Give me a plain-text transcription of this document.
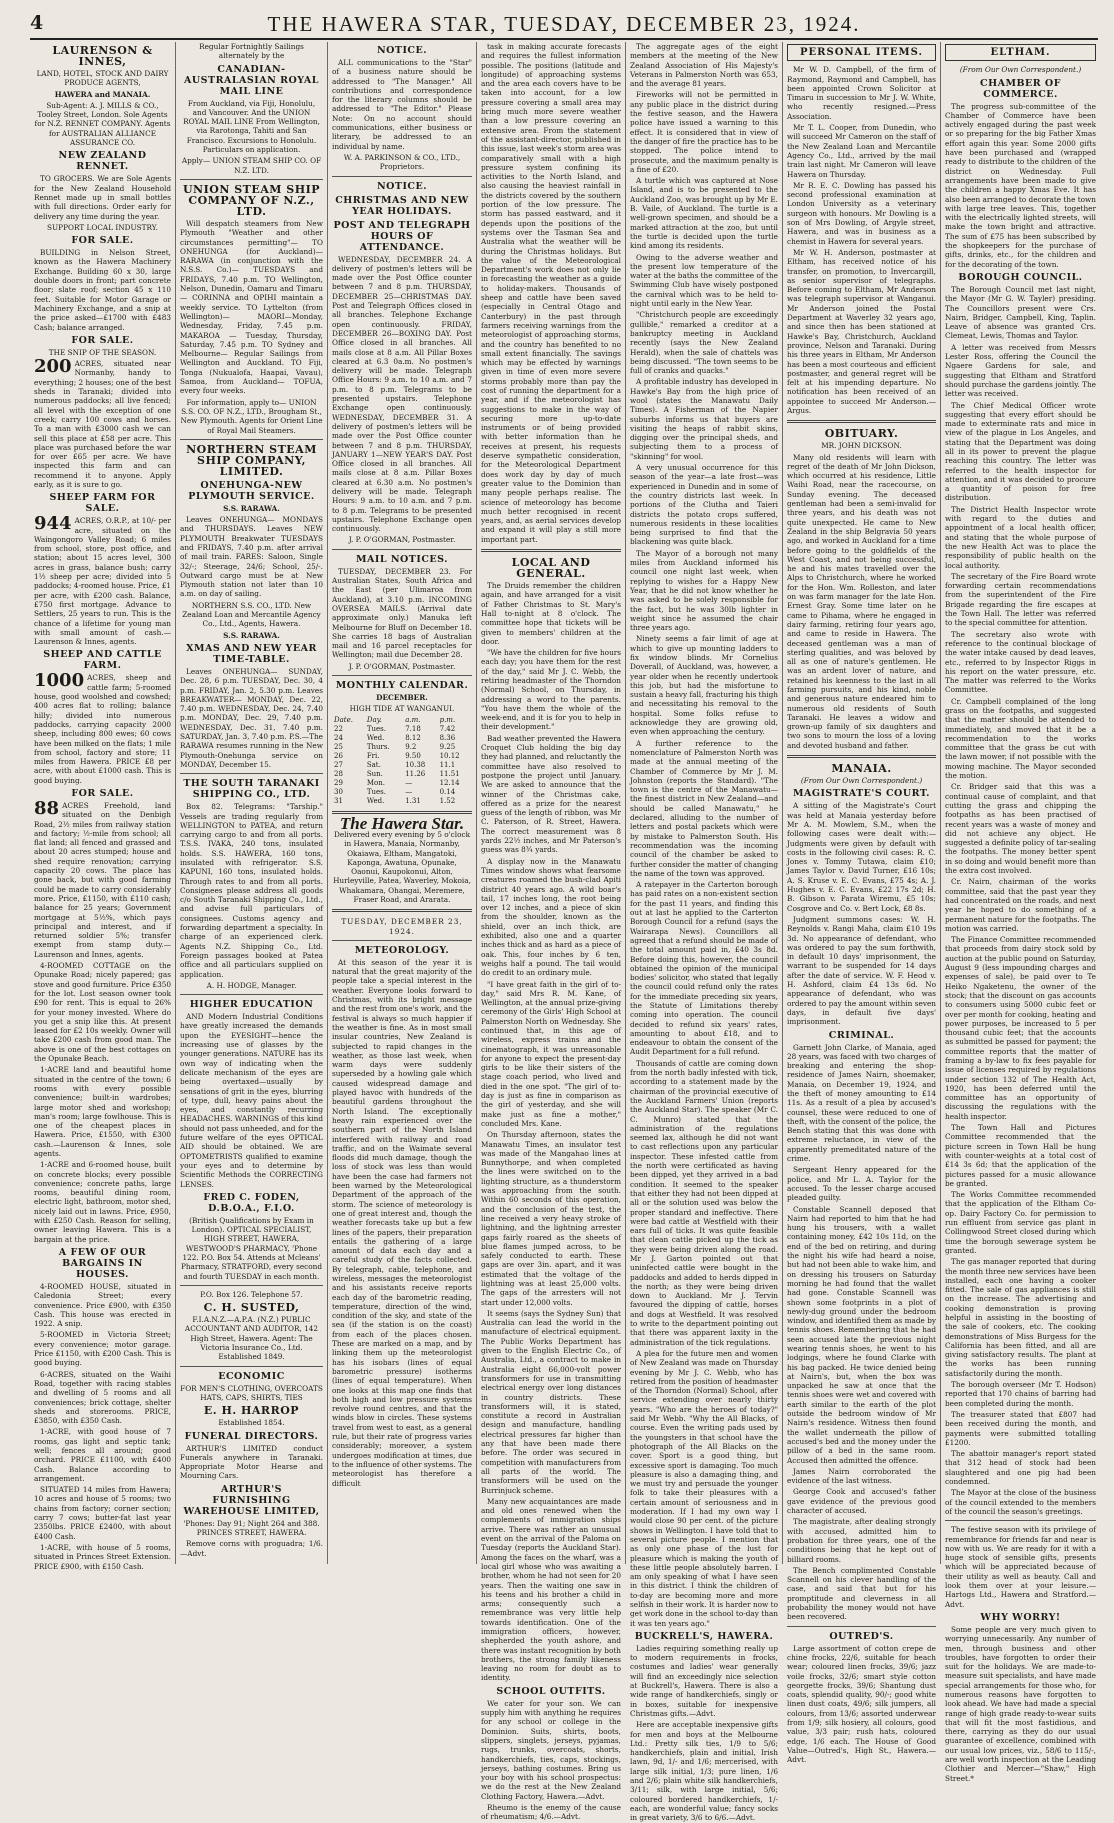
4	THE HAWERA STAR, TUESDAY, DECEMBER 23, 1924.
LAURENSON & INNES,

LAND, HOTEL, STOCK AND DAIRY PRODUCE AGENTS,

HAWERA and MANAIA.

Sub-Agent: A. J. MILLS & CO., Tooley Street, London. Sole Agents for N.Z. RENNET COMPANY. Agents for AUSTRALIAN ALLIANCE ASSURANCE CO.

NEW ZEALAND RENNET.

TO GROCERS. We are Sole Agents for the New Zealand Household Rennet made up in small bottles with full directions. Order early for delivery any time during the year.

SUPPORT LOCAL INDUSTRY.

FOR SALE.

BUILDING in Nelson Street, known as the Hawera Machinery Exchange. Building 60 x 30, large double doors in front; part concrete floor; slate roof; section 45 x 110 feet. Suitable for Motor Garage or Machinery Exchange, and a snip at the price asked—£1700 with £483 Cash; balance arranged.

FOR SALE.

THE SNIP OF THE SEASON.

200 ACRES, situated near Normanby, handy to everything; 2 houses; one of the best sheds in Taranaki; divided into numerous paddocks; all live fenced; all level with the exception of one creek; carry 100 cows and horses. To a man with £3000 cash we can sell this place at £58 per acre. This place was purchased before the war for over £65 per acre. We have inspected this farm and can recommend it to anyone. Apply early, as it is sure to go.

SHEEP FARM FOR SALE.

944 ACRES, O.R.P., at 10/- per acre, situated on the Waingongoro Valley Road; 6 miles from school, store, post office, and station; about 15 acres level, 300 acres in grass, balance bush; carry 1½ sheep per acre; divided into 5 paddocks; 4-roomed house. Price, £1 per acre, with £200 cash. Balance, £750 first mortgage. Advance to Settlers, 25 years to run. This is the chance of a lifetime for young man with small amount of cash.—Laurenson & Innes, agents.

SHEEP AND CATTLE FARM.

1000 ACRES, sheep and cattle farm; 5-roomed house, good woolshed and cowshed; 400 acres flat to rolling; balance hilly; divided into numerous paddocks, carrying capacity 2000 sheep, including 800 ewes; 60 cows have been milked on the flats; 1 mile from school, factory and store; 11 miles from Hawera. PRICE £8 per acre, with about £1000 cash. This is good buying.

FOR SALE.

88 ACRES Freehold, land situated on the Denbigh Road, 2½ miles from railway station and factory; ½-mile from school; all flat land; all fenced and grassed and about 20 acres stumped; house and shed require renovation; carrying capacity 20 cows. The place has gone back, but with good farming could be made to carry considerably more. Price, £1150, with £110 cash; balance for 25 years; Government mortgage at 5½%, which pays principal and interest, and if returned soldier 5%; transfer exempt from stamp duty.—Laurenson and Innes, agents.

4-ROOMED COTTAGE on the Opunake Road; nicely papered; gas stove and good furniture. Price £350 for the lot. Lost season owner took £90 for rent. This is equal to 26% for your money invested. Where do you get a snip like this. At present leased for £2 10s weekly. Owner will take £200 cash from good man. The above is one of the best cottages on the Opunake Beach.

1-ACRE land and beautiful home situated in the centre of the town; 6 rooms with every possible convenience; built-in wardrobes; large motor shed and workshop; man's room; large fowlhouse. This is one of the cheapest places in Hawera. Price, £1550, with £300 cash.—Laurenson & Innes, sole agents.

1-ACRE and 6-roomed house, built on concrete blocks; every possible convenience; concrete paths, large rooms, beautiful dining room, electric light, bathroom, motor shed, nicely laid out in lawns. Price, £950, with £250 Cash. Reason for selling, owner leaving Hawera. This is a bargain at the price.

A FEW OF OUR BARGAINS IN HOUSES.

4-ROOMED HOUSE, situated in Caledonia Street; every convenience. Price £900, with £350 Cash. This house was erected in 1922. A snip.

5-ROOMED in Victoria Street; every convenience; motor garage. Price £1150, with £200 Cash. This is good buying.

6-ACRES, situated on the Waihi Road, together with racing stables and dwelling of 5 rooms and all conveniences; brick cottage, shelter sheds and storerooms. PRICE, £3850, with £350 Cash.

1-ACRE, with good house of 7 rooms, gas light and septic tank; well; fences all around; good orchard. PRICE £1100, with £400 Cash. Balance according to arrangement.

SITUATED 14 miles from Hawera; 10 acres and house of 5 rooms; two chains from factory; corner section; carry 7 cows; butter-fat last year 2350lbs. PRICE £2400, with about £400 Cash.

1-ACRE, with house of 5 rooms, situated in Princes Street Extension. PRICE £900, with £150 Cash.

Regular Fortnightly Sailings alternately by the

CANADIAN-AUSTRALASIAN ROYAL MAIL LINE

From Auckland, via Fiji, Honolulu, and Vancouver. And the UNION ROYAL MAIL LINE From Wellington, via Rarotonga, Tahiti and San Francisco. Excursions to Honolulu. Particulars on application.

Apply— UNION STEAM SHIP CO. OF N.Z. LTD.

UNION STEAM SHIP COMPANY OF N.Z., LTD.

Will despatch steamers from New Plymouth "Weather and other circumstances permitting"— TO ONEHUNGA (for Auckland)— RARAWA (in conjunction with the N.S.S. Co.)— TUESDAYS and FRIDAYS, 7.40 p.m. TO Wellington, Nelson, Dunedin, Oamaru and Timaru— CORINNA and OPIHI maintain a weekly service. TO Lyttelton (from Wellington)— MAORI—Monday, Wednesday, Friday, 7.45 p.m. MAKAROA — Tuesday, Thursday, Saturday, 7.45 p.m. TO Sydney and Melbourne— Regular Sailings from Wellington and Auckland. TO Fiji, Tonga (Nukualofa, Haapai, Vavau), Samoa, from Auckland— TOFUA, every four weeks.

For information, apply to— UNION S.S. CO. OF N.Z., LTD., Brougham St., New Plymouth. Agents for Orient Line of Royal Mail Steamers.

NORTHERN STEAM SHIP COMPANY, LIMITED.
ONEHUNGA-NEW PLYMOUTH SERVICE.

S.S. RARAWA.

Leaves ONEHUNGA— MONDAYS and THURSDAYS. Leaves NEW PLYMOUTH Breakwater TUESDAYS and FRIDAYS, 7.40 p.m. after arrival of mail train. FARES: Saloon, Single 32/-; Steerage, 24/6; School, 25/-. Outward cargo must be at New Plymouth station not later than 10 a.m. on day of sailing.

NORTHERN S.S. CO., LTD. New Zealand Loan and Mercantile Agency Co., Ltd., Agents, Hawera.

S.S. RARAWA.

XMAS AND NEW YEAR TIME-TABLE.

Leaves ONEHUNGA— SUNDAY, Dec. 28, 6 p.m. TUESDAY, Dec. 30, 4 p.m. FRIDAY, Jan. 2, 5.30 p.m. Leaves BREAKWATER— MONDAY, Dec. 22, 7.40 p.m. WEDNESDAY, Dec. 24, 7.40 p.m. MONDAY, Dec. 29, 7.40 p.m. WEDNESDAY, Dec. 31, 7.40 p.m. SATURDAY, Jan. 3, 7.40 p.m. P.S.—The RARAWA resumes running in the New Plymouth-Onehunga service on MONDAY, December 15.

THE SOUTH TARANAKI SHIPPING CO., LTD.

Box 82. Telegrams: "Tarship." Vessels are trading regularly from WELLINGTON to PATEA, and return carrying cargo to and from all ports. T.S.S. IVAKA, 240 tons, insulated holds. S.S. HAWERA, 160 tons, insulated with refrigerator. S.S. KAPUNI, 160 tons, insulated holds. Through rates to and from all ports. Consignees please address all goods c/o South Taranaki Shipping Co., Ltd., and advise full particulars of consignees. Customs agency and forwarding department a specialty. In charge of an experienced clerk. Agents N.Z. Shipping Co., Ltd. Foreign passages booked at Patea office and all particulars supplied on application.

A. H. HODGE, Manager.

HIGHER EDUCATION

AND Modern Industrial Conditions have greatly increased the demands upon the EYESIGHT—hence the increasing use of glasses by the younger generations. NATURE has its own way of indicating when the delicate mechanism of the eyes are being overtaxed—usually by sensations of grit in the eyes, blurring of type, dull, heavy pains about the eyes, and constantly recurring HEADACHES. WARNINGS of this kind should not pass unheeded, and for the future welfare of the eyes OPTICAL AID should be obtained. We are OPTOMETRISTS qualified to examine your eyes and to determine by Scientific Methods the CORRECTING LENSES.

FRED C. FODEN, D.B.O.A., F.I.O.

(British Qualifications by Exam in London). OPTICAL SPECIALIST, HIGH STREET, HAWERA, WESTWOOD'S PHARMACY, 'Phone 122. P.O. Box 54. Attends at Mcleans' Pharmacy, STRATFORD, every second and fourth TUESDAY in each month.

P.O. Box 126. Telephone 57.

C. H. SUSTED,

F.I.A.N.Z.—A.P.A. (N.Z.) PUBLIC ACCOUNTANT AND AUDITOR, 142 High Street, Hawera. Agent: The Victoria Insurance Co., Ltd. Established 1849.

ECONOMIC

FOR MEN'S CLOTHING, OVERCOATS HATS, CAPS, SHIRTS, TIES

E. H. HARROP

Established 1854.

FUNERAL DIRECTORS.

ARTHUR'S LIMITED conduct Funerals anywhere in Taranaki. Appropriate Motor Hearse and Mourning Cars.

ARTHUR'S FURNISHING WAREHOUSE LIMITED,

'Phones: Day 91; Night 264 and 388. PRINCES STREET, HAWERA.

Remove corns with proguadra; 1/6.—Advt.

NOTICE.

ALL communications to the "Star" of a business nature should be addressed to "The Manager." All contributions and correspondence for the literary columns should be addressed to "The Editor." Please Note: On no account should communications, either business or literary, be addressed to an individual by name.

W. A. PARKINSON & CO., LTD., Proprietors.

NOTICE.
CHRISTMAS AND NEW YEAR HOLIDAYS.
POST AND TELEGRAPH HOURS OF ATTENDANCE.

WEDNESDAY, DECEMBER 24. A delivery of postmen's letters will be made over the Post Office counter between 7 and 8 p.m. THURSDAY, DECEMBER 25—CHRISTMAS DAY. Post and Telegraph Offices closed in all branches. Telephone Exchange open continuously. FRIDAY, DECEMBER 26—BOXING DAY. Post Office closed in all branches. All mails close at 8 a.m. All Pillar Boxes cleared at 6.3 0a.m. No postmen's delivery will be made. Telegraph Office Hours: 9 a.m. to 10 a.m. and 7 p.m. to 8 p.m. Telegrams to be presented upstairs. Telephone Exchange open continuously. WEDNESDAY, DECEMBER 31. A delivery of postmen's letters will be made over the Post Office counter between 7 and 8 p.m. THURSDAY, JANUARY 1—NEW YEAR'S DAY. Post Office closed in all branches. All mails close at 8 a.m. Pillar Boxes cleared at 6.30 a.m. No postmen's delivery will be made. Telegraph Hours: 9 a.m. to 10 a.m. and 7 p.m. to 8 p.m. Telegrams to be presented upstairs. Telephone Exchange open continuously.

J. P. O'GORMAN, Postmaster.

MAIL NOTICES.

TUESDAY, DECEMBER 23. For Australian States, South Africa and the East (per Ulimaroa from Auckland), at 3.10 p.m. INCOMING OVERSEA MAILS. (Arrival date approximate only.) Manuka left Melbourne for Bluff on December 18. She carries 18 bags of Australian mail and 16 parcel receptacles for Wellington; mail due December 28.

J. P. O'GORMAN, Postmaster.

MONTHLY CALENDAR.

DECEMBER.

HIGH TIDE AT WANGANUI.

Date.	Day.	a.m.	p.m.
22	Tues.	7.18	7.42
24	Wed.	8.12	8.36
25	Thurs.	9.2	9.25
26	Fri.	9.50	10.12
27	Sat.	10.38	11.1
28	Sun.	11.26	11.51
29	Mon.	—	12.14
30	Tues.	—	0.14
31	Wed.	1.31	1.52
The Hawera Star.

Delivered every evening by 5 o'clock in Hawera, Manaia, Normanby, Okaiawa, Eltham, Mangatoki, Kaponga, Awatuna, Opunake, Oaonui, Kaupokonui, Alton, Hurleyville, Patea, Waverley, Mokoia, Whakamara, Ohangai, Meremere, Fraser Road, and Ararata.

TUESDAY, DECEMBER 23, 1924.
METEOROLOGY.

At this season of the year it is natural that the great majority of the people take a special interest in the weather. Everyone looks forward to Christmas, with its bright message and the rest from one's work, and the festival is always so much happier if the weather is fine. As in most small insular countries, New Zealand is subjected to rapid changes in the weather, as those last week, when warm days were suddenly superseded by a howling gale which caused widespread damage and played havoc with hundreds of the beautiful gardens throughout the North Island. The exceptionally heavy rain experienced over the southern part of the North Island interfered with railway and road traffic, and on the Waimate several floods did much damage, though the loss of stock was less than would have been the case had farmers not been warned by the Meteorological Department of the approach of the storm. The science of meteorology is one of great interest and, though the weather forecasts take up but a few lines of the papers, their preparation entails the gathering of a large amount of data each day and a careful study of the facts collected. By telegraph, cable, telephone, and wireless, messages the meteorologist and his assistants receive reports each day of the barometric reading, temperature, direction of the wind, condition of the sky, and state of the sea (if the station is on the coast) from each of the places chosen. These are marked on a map, and by linking them up the meteorologist has his isobars (lines of equal barometric pressure) isotherms (lines of equal temperature). When one looks at this map one finds that both high and low pressure systems revolve round centres, and that the winds blow in circles. These systems travel from west to east, as a general rule, but their rate of progress varies considerably; moreover, a system undergoes modification at times, due to the influence of other systems. The meteorologist has therefore a difficult

task in making accurate forecasts and requires the fullest information possible. The positions (latitude and longitude) of approaching systems and the area each covers have to be taken into account, for a low pressure covering a small area may bring much more severe weather than a low pressure covering an extensive area. From the statement of the assistant-director, published in this issue, last week's storm area was comparatively small with a high pressure system confining its activities to the North Island, and also causing the heaviest rainfall in the districts covered by the southern portion of the low pressure. The storm has passed eastward, and it depends upon the positions of the systems over the Tasman Sea and Australia what the weather will be during the Christmas holidays. But the value of the Meteorological Department's work does not only lie in forecasting the weather as a guide to holiday-makers. Thousands of sheep and cattle have been saved (especially in Central Otago and Canterbury) in the past through farmers receiving warnings from the meteorologist of approaching storms, and the country has benefited to no small extent financially. The savings which may be effected by warnings given in time of even more severe storms probably more than pay the cost of running the department for a year, and if the meteorologist has suggestions to make in the way of securing more up-to-date instruments or of being provided with better information than he receives at present, his requests deserve sympathetic consideration, for the Meteorological Department does work day by day of much greater value to the Dominion than many people perhaps realise. The science of meteorology has become much better recognised in recent years, and, as aerial services develop and expand it will play a still more important part.

LOCAL AND GENERAL.

The Druids remember the children again, and have arranged for a visit of Father Christmas to St. Mary's Hall to-night at 8 o'clock. The committee hope that tickets will be given to members' children at the door.

"We have the children for five hours each day; you have them for the rest of the day," said Mr J. C. Webb, the retiring headmaster of the Thorndon (Normal) School, on Thursday, in addressing a word to the parents. "You have them the whole of the week-end, and it is for you to help in their development."

Bad weather prevented the Hawera Croquet Club holding the big day they had planned, and reluctantly the committee have also resolved to postpone the project until January. We are asked to announce that the winner of the Christmas cake, offered as a prize for the nearest guess of the length of ribbon, was Mr C. Paterson, of R. Street, Hawera. The correct measurement was 8 yards 22½ inches, and Mr Paterson's guess was 8¾ yards.

A display now in the Manawatu Times window shows what fearsome creatures roamed the bush-clad Apiti district 40 years ago. A wild boar's tail, 17 inches long, the root being over 12 inches, and a piece of skin from the shoulder, known as the shield, over an inch thick, are exhibited, also one and a quarter inches thick and as hard as a piece of oak. This, four inches by 6 ten, weighs half a pound. The tail would do credit to an ordinary mule.

"I have great faith in the girl of to-day," said Mrs R. M. Kane, of Wellington, at the annual prize-giving ceremony of the Girls' High School at Palmerston North on Wednesday. She continued that, in this age of wireless, express trains and the cinematograph, it was unreasonable for anyone to expect the present-day girls to be like their sisters of the stage coach period, who lived and died in the one spot. "The girl of to-day is just as fine in comparison as the girl of yesterday, and she will make just as fine a mother," concluded Mrs. Kane.

On Thursday afternoon, states the Manawatu Times, an insulator test was made of the Mangahao lines at Bunnythorpe, and when completed the lines were switched on to the lighting structure, as a thunderstorm was approaching from the south. Within 60 seconds of this operation, and the conclusion of the test, the line received a very heavy stroke of lightning, and the lightning arrester gaps fairly roared as the sheets of blue flames jumped across, to be safely conducted to earth. These gaps are over 3in. apart, and it was estimated that the voltage of the lightning was at least 25,000 volts. The gaps of the arresters will not start under 12,000 volts.

It seems (says the Sydney Sun) that Australia can lead the world in the manufacture of electrical equipment. The Public Works Department has given to the English Electric Co., of Australia, Ltd., a contract to make in Australia eight 66,000-volt power transformers for use in transmitting electrical energy over long distances in country districts. These transformers will, it is stated, constitute a record in Australian design and manufacture, handling electrical pressures far higher than any that have been made there before. The order was secured in competition with manufacturers from all parts of the world. The transformers will be used on the Burrinjuck scheme.

Many new acquaintances are made and old ones renewed when the complements of immigration ships arrive. There was rather an unusual event on the arrival of the Paloma on Tuesday (reports the Auckland Star). Among the faces on the wharf, was a local girl whose who was awaiting a brother, whom he had not seen for 20 years. Then the waiting one saw in his teens and his brother a child in arms; consequently such a remembrance was very little help towards identification. One of the immigration officers, however, shepherded the youth ashore, and there was instant recognition by both brothers, the strong family likeness leaving no room for doubt as to identity.

SCHOOL OUTFITS.

We cater for your son. We can supply him with anything he requires for any school or college in the Dominion. Suits, shirts, boots, slippers, singlets, jerseys, pyjamas, rugs, trunks, overcoats, shorts, handkerchiefs, ties, caps, stockings, jerseys, bathing costumes. Bring us your boy with his school prospectus: we do the rest at the New Zealand Clothing Factory, Hawera.—Advt.

Rheumo is the enemy of the cause of rheumatism; 4/6.—Advt.

The aggregate ages of the eight members at the meeting of the New Zealand Association of His Majesty's Veterans in Palmerston North was 653, and the average 81 years.

Fireworks will not be permitted in any public place in the district during the festive season, and the Hawera police have issued a warning to this effect. It is considered that in view of the danger of fire the practice has to be stopped. The police intend to prosecute, and the maximum penalty is a fine of £20.

A turtle which was captured at Nose Island, and is to be presented to the Auckland Zoo, was brought up by Mr E. B. Vaile, of Auckland. The turtle is a well-grown specimen, and should be a marked attraction at the zoo, but until the turtle is decided upon the turtle kind among its residents.

Owing to the adverse weather and the present low temperature of the water at the baths the committee of the Swimming Club have wisely postponed the carnival which was to be held to-night until early in the New Year.

"Christchurch people are exceedingly gullible," remarked a creditor at a bankruptcy meeting in Auckland recently (says the New Zealand Herald), when the sale of chattels was being discussed. "The town seems to be full of cranks and quacks."

A profitable industry has developed in Hawke's Bay from the high price of wool (states the Manawatu Daily Times). A Fisherman of the Napier suburbs informs us that buyers are visiting the heaps of rabbit skins, digging over the principal sheds, and subjecting them to a process of "skinning" for wool.

A very unusual occurrence for this season of the year—a late frost—was experienced in Dunedin and in some of the country districts last week. In portions of the Clutha and Taieri districts the potato crops suffered, numerous residents in these localities being surprised to find that the blackening was quite black.

The Mayor of a borough not many miles from Auckland informed his council one night last week, when replying to wishes for a Happy New Year, that he did not know whether he was asked to be solely responsible for the fact, but he was 30lb lighter in weight since he assumed the chair three years ago.

Ninety seems a fair limit of age at which to give up mounting ladders to fix window blinds. Mr Cornelius Doverall, of Auckland, was, however, a year older when he recently undertook this job, but had the misfortune to sustain a heavy fall, fracturing his thigh and necessitating his removal to the hospital. Some folks refuse to acknowledge they are growing old, even when approaching the century.

A further reference to the nomenclature of Palmerston North was made at the annual meeting of the Chamber of Commerce by Mr J. M. Johnston (reports the Standard). "The town is the centre of the Manawatu—the finest district in New Zealand—and should be called Manawatu," he declared, alluding to the number of letters and postal packets which were by mistake to Palmerston South. His recommendation was the incoming council of the chamber be asked to further consider the matter of changing the name of the town was approved.

A ratepayer in the Carterton borough has paid rates on a non-existent section for the past 11 years, and finding this out at last he applied to the Carterton Borough Council for a refund (says the Wairarapa News). Councillors all agreed that a refund should be made of the total amount paid in, £40 3s 8d. Before doing this, however, the council obtained the opinion of the municipal bodies' solicitor, who stated that legally the council could refund only the rates for the immediate preceding six years, the Statute of Limitations thereby coming into operation. The council decided to refund six years' rates, amounting to about £18, and to endeavour to obtain the consent of the Audit Department for a full refund.

Thousands of cattle are coming down from the north badly infested with tick, according to a statement made by the chairman of the provincial executive of the Auckland Farmers' Union (reports the Auckland Star). The speaker (Mr C. C. Munro) stated that the administration of the regulations seemed lax, although he did not want to cast reflections upon any particular inspector. These infested cattle from the north were certificated as having been dipped, yet they arrived in a bad condition. It seemed to the speaker that either they had not been dipped at all or the solution used was below the proper standard and ineffective. There were bad cattle at Westfield with their ears full of ticks. It was quite feasible that clean cattle picked up the tick as they were being driven along the road. Mr J. Garton pointed out that uninfected cattle were bought in the paddocks and added to herds dipped in the north; as they were being driven down to Auckland. Mr J. Tervin favoured the dipping of cattle, horses and dogs at Westfield. It was resolved to write to the department pointing out that there was apparent laxity in the administration of the tick regulations.

A plea for the future men and women of New Zealand was made on Thursday evening by Mr J. C. Webb, who has retired from the position of headmaster of the Thorndon (Normal) School, after service extending over nearly thirty years. "Who are the heroes of today?" said Mr Webb. "Why the All Blacks, of course. Even the writing pads used by the youngsters in that school have the photograph of the All Blacks on the cover. Sport is a good thing, but excessive sport is damaging. Too much pleasure is also a damaging thing, and we must try and persuade the younger folk to take their pleasures with a certain amount of seriousness and in moderation. If I had my own way I would close 90 per cent. of the picture shows in Wellington. I have told that to several picture people. I mention that as only one phase of the lust for pleasure which is making the youth of these little people absolutely barren. I am only speaking of what I have seen in this district. I think the children of to-day are becoming more and more selfish in their work. It is harder now to get work done in the school to-day than it was ten years ago."

BUCKRELL'S, HAWERA.

Ladies requiring something really up to modern requirements in frocks, costumes and ladies' wear generally will find an exceedingly nice selection at Buckrell's, Hawera. There is also a wide range of handkerchiefs, singly or in boxes, suitable for inexpensive Christmas gifts.—Advt.

Here are acceptable inexpensive gifts for men and boys at the Melbourne Ltd.: Pretty silk ties, 1/9 to 5/6; handkerchiefs, plain and initial, Irish lawn, 9d, 1/- and 1/6; mercerised, with large silk initial, 1/3; pure linen, 1/6 and 2/6; plain white silk handkerchiefs, 3/11; silk, with large initial, 5/6; coloured bordered handkerchiefs, 1/- each, are wonderful value; fancy socks in great variety, 3/6 to 6/6.—Advt.

PERSONAL ITEMS.

Mr W. D. Campbell, of the firm of Raymond, Raymond and Campbell, has been appointed Crown Solicitor at Timaru in succession to Mr J. W. White, who recently resigned.—Press Association.

Mr T. L. Cooper, from Dunedin, who will succeed Mr Cameron on the staff of the New Zealand Loan and Mercantile Agency Co., Ltd., arrived by the mail train last night. Mr Cameron will leave Hawera on Thursday.

Mr R. E. C. Dowling has passed his second professional examination at London University as a veterinary surgeon with honours. Mr Dowling is a son of Mrs Dowling, of Argyle street, Hawera, and was in business as a chemist in Hawera for several years.

Mr W. H. Anderson, postmaster at Eltham, has received notice of his transfer, on promotion, to Invercargill, as senior supervisor of telegraphs. Before coming to Eltham, Mr Anderson was telegraph supervisor at Wanganui. Mr Anderson joined the Postal Department at Waverley 32 years ago, and since then has been stationed at Hawke's Bay, Christchurch, Auckland province, Nelson and Taranaki. During his three years in Eltham, Mr Anderson has been a most courteous and efficient postmaster, and general regret will be felt at his impending departure. No notification has been received of an appointee to succeed Mr Anderson.—Argus.

OBITUARY.

MR. JOHN DICKSON.

Many old residents will learn with regret of the death of Mr John Dickson, which occurred at his residence, Little Waihi Road, near the racecourse, on Sunday evening. The deceased gentleman had been a semi-invalid for three years, and his death was not quite unexpected. He came to New Zealand in the ship Belgravia 50 years ago, and worked in Auckland for a time before going to the goldfields of the West Coast, and not being successful, he and his mates travelled over the Alps to Christchurch, where he worked for the Hon. Wm. Rolleston, and later on was farm manager for the late Hon. Ernest Gray. Some time later on he came to Pihama, where he engaged in dairy farming, retiring four years ago, and came to reside in Hawera. The deceased gentleman was a man of sterling qualities, and was beloved by all as one of nature's gentlemen. He was an ardent lover of nature, and retained his keenness to the last in all farming pursuits, and his kind, noble and generous nature endeared him to numerous old residents of South Taranaki. He leaves a widow and grown-up family of six daughters and two sons to mourn the loss of a loving and devoted husband and father.

MANAIA.
(From Our Own Correspondent.)
MAGISTRATE'S COURT.

A sitting of the Magistrate's Court was held at Manaia yesterday before Mr A. M. Mowlem, S.M., when the following cases were dealt with:— Judgments were given by default with costs in the following civil cases: R. C. Jones v. Tommy Tutawa, claim £10; James Taylor v. David Turner, £16 10s; A. S. Kruse v. E. C. Evans, £75 4s; A. J. Hughes v. E. C. Evans, £22 17s 2d; H. B. Gibson v. Parata Wiremu, £5 10s; Cosgrove and Co. v. Bert Lock, £8 8s.

Judgment summons cases: W. H. Reynolds v. Rangi Maha, claim £10 19s 3d. No appearance of defendant, who was ordered to pay the sum forthwith, in default 10 days' imprisonment, the warrant to be suspended for 14 days after the date of service. W. F. Heod v. H. Ashford, claim £4 13s 6d. No appearance of defendant, who was ordered to pay the amount within seven days, in default five days' imprisonment.

CRIMINAL.

Garnett John Clarke, of Manaia, aged 28 years, was faced with two charges of breaking and entering the shop-residence of James Nairn, shoemaker, Manaia, on December 19, 1924, and the theft of money amounting to £14 11s. As a result of a plea by accused's counsel, these were reduced to one of theft, with the consent of the police, the Bench stating that this was done with extreme reluctance, in view of the apparently premeditated nature of the crime.

Sergeant Henry appeared for the police, and Mr L. A. Taylor for the accused. To the lesser charge accused pleaded guilty.

Constable Scannell deposed that Nairn had reported to him that he had hung his trousers, with a wallet containing money, £42 10s 11d, on the end of the bed on retiring, and during the night his wife had heard a noise, but had not been able to wake him, and on dressing his trousers on Saturday morning he had found that the wallet had gone. Constable Scannell was shown some footprints in a plot of newly-dug ground under the bedroom window, and identified them as made by tennis shoes. Remembering that he had seen accused late the previous night wearing tennis shoes, he went to his lodgings, where he found Clarke with his bag packed. He twice denied being at Nairn's, but, when the box was unpacked he saw at once that the tennis shoes were wet and covered with earth similar to the earth of the plot outside the bedroom window of Mr Nairn's residence. Witness then found the wallet underneath the pillow of accused's bed and the money under the pillow of a bed in the same room. Accused then admitted the offence.

James Nairn corroborated the evidence of the last witness.

George Cook and accused's father gave evidence of the previous good character of accused.

The magistrate, after dealing strongly with accused, admitted him to probation for three years, one of the conditions being that he kept out of billiard rooms.

The Bench complimented Constable Scannell on his clever handling of the case, and said that but for his promptitude and cleverness in all probability the money would not have been recovered.

OUTRED'S.

Large assortment of cotton crepe de chine frocks, 22/6, suitable for beach wear; coloured linen frocks, 39/6; jazz voile frocks, 32/6; smart style cotton georgette frocks, 39/6; Shantung dust coats, splendid quality, 90/-; good white linen dust coats, 49/6; silk jumpers, all colours, from 13/6; assorted underwear from 1/9; silk hosiery, all colours, good value, 3/3 pair; rush hats, coloured edge, 1/6 each. The House of Good Value—Outred's, High St., Hawera.—Advt.

ELTHAM.
(From Our Own Correspondent.)
CHAMBER OF COMMERCE.

The progress sub-committee of the Chamber of Commerce have been actively engaged during the past week or so preparing for the big Father Xmas effort again this year. Some 2000 gifts have been purchased and (wrapped ready to distribute to the children of the district on Wednesday. Full arrangements have been made to give the children a happy Xmas Eve. It has also been arranged to decorate the town with large tree leaves. This, together with the electrically lighted streets, will make the town bright and attractive. The sum of £75 has been subscribed by the shopkeepers for the purchase of gifts, drinks, etc., for the children and for the decorating of the town.

BOROUGH COUNCIL.

The Borough Council met last night, the Mayor (Mr G. W. Tayler) presiding. The Councillors present were Crs. Nairn, Bridger, Campbell, King, Taplin. Leave of absence was granted Crs. Clemeat, Lewis, Thomas and Taylor.

A letter was received from Messrs Lester Ross, offering the Council the Ngaere Gardens for sale, and suggesting that Eltham and Stratford should purchase the gardens jointly. The letter was received.

The Chief Medical Officer wrote suggesting that every effort should be made to exterminate rats and mice in view of the plague in Los Angeles, and stating that the Department was doing all in its power to prevent the plague reaching this country. The letter was referred to the health inspector for attention, and it was decided to procure a quantity of poison for free distribution.

The District Health Inspector wrote with regard to the duties and appointment of a local health officer, and stating that the whole purpose of the new Health Act was to place the responsibility of public health on the local authority.

The secretary of the Fire Board wrote forwarding certain recommendations from the superintendent of the Fire Brigade regarding the fire escapes at the Town Hall. The letter was referred to the special committee for attention.

The secretary also wrote with reference to the continual blockage of the water intake caused by dead leaves, etc., referred to by Inspector Riggs in his report on the water pressure, etc. The matter was referred to the Works Committee.

Cr. Campbell complained of the long grass on the footpaths, and suggested that the matter should be attended to immediately, and moved that it be a recommendation to the works committee that the grass be cut with the lawn mower, if not possible with the mowing machine. The Mayor seconded the motion.

Cr. Bridger said that this was a continual cause of complaint, and that cutting the grass and chipping the footpaths as has been practised of recent years was a waste of money and did not achieve any object. He suggested a definite policy of tar-sealing the footpaths. The money better spent in so doing and would benefit more than the extra cost involved.

Cr. Nairn, chairman of the works committee, said that the past year they had concentrated on the roads, and next year he hoped to do something of a permanent nature for the footpaths. The motion was carried.

The Finance Committee recommended that proceeds from dairy stock sold by auction at the public pound on Saturday, August 9 (less impounding charges and expenses of sale), be paid over to Te Heiko Ngaketenu, the owner of the stock; that the discount on gas accounts to consumers using 5000 cubic feet or over per month for cooking, heating and power purposes, be increased to 5 per thousand cubic feet; that the accounts as submitted be passed for payment; the committee reports that the matter of framing a by-law to fix fees payable for issue of licenses required by regulations under section 132 of The Health Act, 1920, has been deferred until the committee has an opportunity of discussing the regulations with the health inspector.

The Town Hall and Pictures Committee recommended that the picture screen in Town Hall be hung with counter-weights at a total cost of £14 3s 6d; that the application of the pictures passed for a music allowance be granted.

The Works Committee recommended that the application of the Eltham Co-op. Dairy Factory Co. for permission to run effluent from service gas plant in Collingwood Street closed during which time the borough sewerage system be granted.

The gas manager reported that during the month three new services have been installed, each one having a cooker fitted. The sale of gas appliances is still on the increase. The advertising and cooking demonstration is proving helpful in assisting in the boosting of the sale of cookers, etc. The cooking demonstrations of Miss Burgess for the California has been fitted, and all are giving satisfactory results. The plant at the works has been running satisfactorily during the month.

The borough overseer (Mr T. Hodson) reported that 170 chains of barring had been completed during the month.

The treasurer stated that £807 had been received during the month, and payments were submitted totalling £1200.

The abattoir manager's report stated that 312 head of stock had been slaughtered and one pig had been condemned.

The Mayor at the close of the business of the council extended to the members of the council the season's greetings.

The festive season with its privilege of remembrance for friends far and near is now with us. We are ready for it with a huge stock of sensible gifts, presents which will be appreciated because of their utility as well as beauty. Call and look them over at your leisure.—Hartogs Ltd., Hawera and Stratford.—Advt.

WHY WORRY!

Some people are very much given to worrying unnecessarily. Any number of men, through business and other troubles, have forgotten to order their suit for the holidays. We are made-to-measure suit specialists, and have made special arrangements for those who, for numerous reasons have forgotten to look ahead. We have had made a special range of high grade ready-to-wear suits that will fit the most fastidious, and there, carrying as they do our usual guarantee of excellence, combined with our usual low prices, viz., 58/6 to 115/-, are well worth inspection at the Leading Clothier and Mercer—"Shaw," High Street.*
